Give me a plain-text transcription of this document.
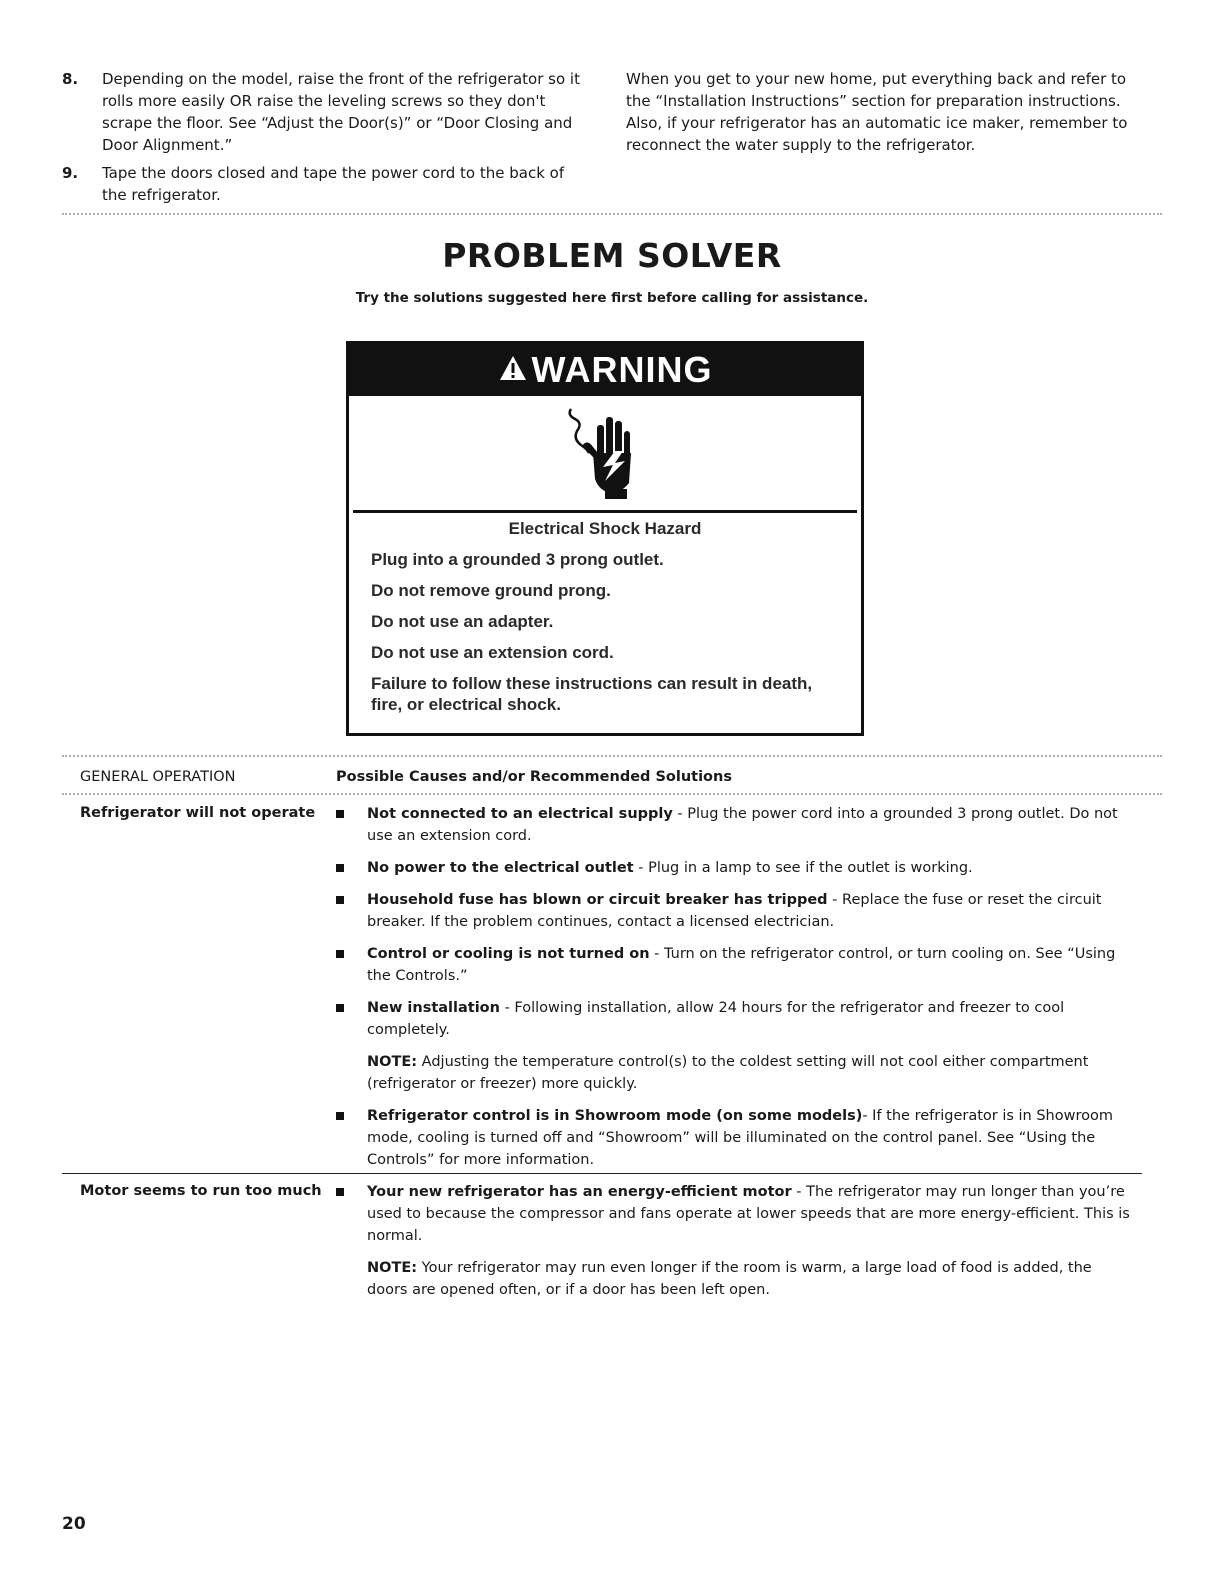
8. Depending on the model, raise the front of the refrigerator so it rolls more easily OR raise the leveling screws so they don't scrape the floor. See “Adjust the Door(s)” or “Door Closing and Door Alignment.”
9. Tape the doors closed and tape the power cord to the back of the refrigerator.
When you get to your new home, put everything back and refer to the “Installation Instructions” section for preparation instructions. Also, if your refrigerator has an automatic ice maker, remember to reconnect the water supply to the refrigerator.
PROBLEM SOLVER
Try the solutions suggested here first before calling for assistance.
WARNING
Electrical Shock Hazard

Plug into a grounded 3 prong outlet.

Do not remove ground prong.

Do not use an adapter.

Do not use an extension cord.

Failure to follow these instructions can result in death, fire, or electrical shock.

GENERAL OPERATION	Possible Causes and/or Recommended Solutions
Refrigerator will not operate	Not connected to an electrical supply - Plug the power cord into a grounded 3 prong outlet. Do not use an extension cord.
No power to the electrical outlet - Plug in a lamp to see if the outlet is working.
Household fuse has blown or circuit breaker has tripped - Replace the fuse or reset the circuit breaker. If the problem continues, contact a licensed electrician.
Control or cooling is not turned on - Turn on the refrigerator control, or turn cooling on. See “Using the Controls.”
New installation - Following installation, allow 24 hours for the refrigerator and freezer to cool completely.
NOTE: Adjusting the temperature control(s) to the coldest setting will not cool either compartment (refrigerator or freezer) more quickly.
Refrigerator control is in Showroom mode (on some models)- If the refrigerator is in Showroom mode, cooling is turned off and “Showroom” will be illuminated on the control panel. See “Using the Controls” for more information.
Motor seems to run too much	Your new refrigerator has an energy-efficient motor - The refrigerator may run longer than you’re used to because the compressor and fans operate at lower speeds that are more energy-efficient. This is normal.
NOTE: Your refrigerator may run even longer if the room is warm, a large load of food is added, the doors are opened often, or if a door has been left open.
20
